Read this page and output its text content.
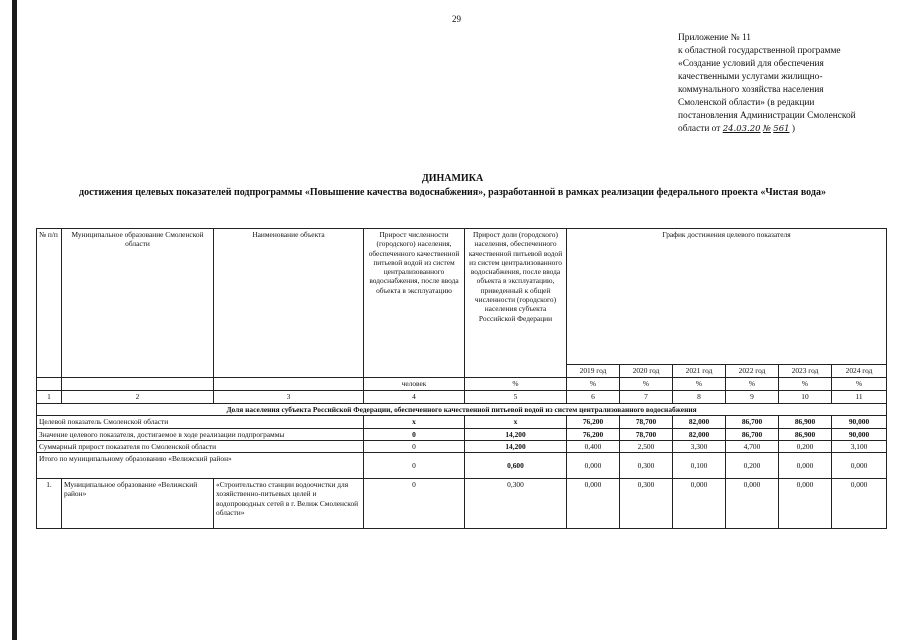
29
Приложение № 11
к областной государственной программе
«Создание условий для обеспечения
качественными услугами жилищно-
коммунального хозяйства населения
Смоленской области» (в редакции
постановления Администрации Смоленской
области от 24.03.20 № 561 )
ДИНАМИКА
достижения целевых показателей подпрограммы «Повышение качества водоснабжения», разработанной в рамках реализации федерального проекта «Чистая вода»
№ п/п	Муниципальное образование Смоленской области	Наименование объекта	Прирост численности (городского) населения, обеспеченного качественной питьевой водой из систем централизованного водоснабжения, после ввода объекта в эксплуатацию	Прирост доли (городского) населения, обеспеченного качественной питьевой водой из систем централизованного водоснабжения, после ввода объекта в эксплуатацию, приведенный к общей численности (городского) населения субъекта Российской Федерации	График достижения целевого показателя					
					2019 год	2020 год	2021 год	2022 год	2023 год	2024 год
			человек	%	%	%	%	%	%	%
1	2	3	4	5	6	7	8	9	10	11
Доля населения субъекта Российской Федерации, обеспеченного качественной питьевой водой из систем централизованного водоснабжения										
Целевой показатель Смоленской области			х	х	76,200	78,700	82,000	86,700	86,900	90,000
Значение целевого показателя, достигаемое в ходе реализации подпрограммы			0	14,200	76,200	78,700	82,000	86,700	86,900	90,000
Суммарный прирост показателя по Смоленской области			0	14,200	0,400	2,500	3,300	4,700	0,200	3,100
Итого по муниципальному образованию «Велижский район»			0	0,600	0,000	0,300	0,100	0,200	0,000	0,000
1.	Муниципальное образование «Велижский район»	«Строительство станции водоочистки для хозяйственно-питьевых целей и водопроводных сетей в г. Велиж Смоленской области»	0	0,300	0,000	0,300	0,000	0,000	0,000	0,000
